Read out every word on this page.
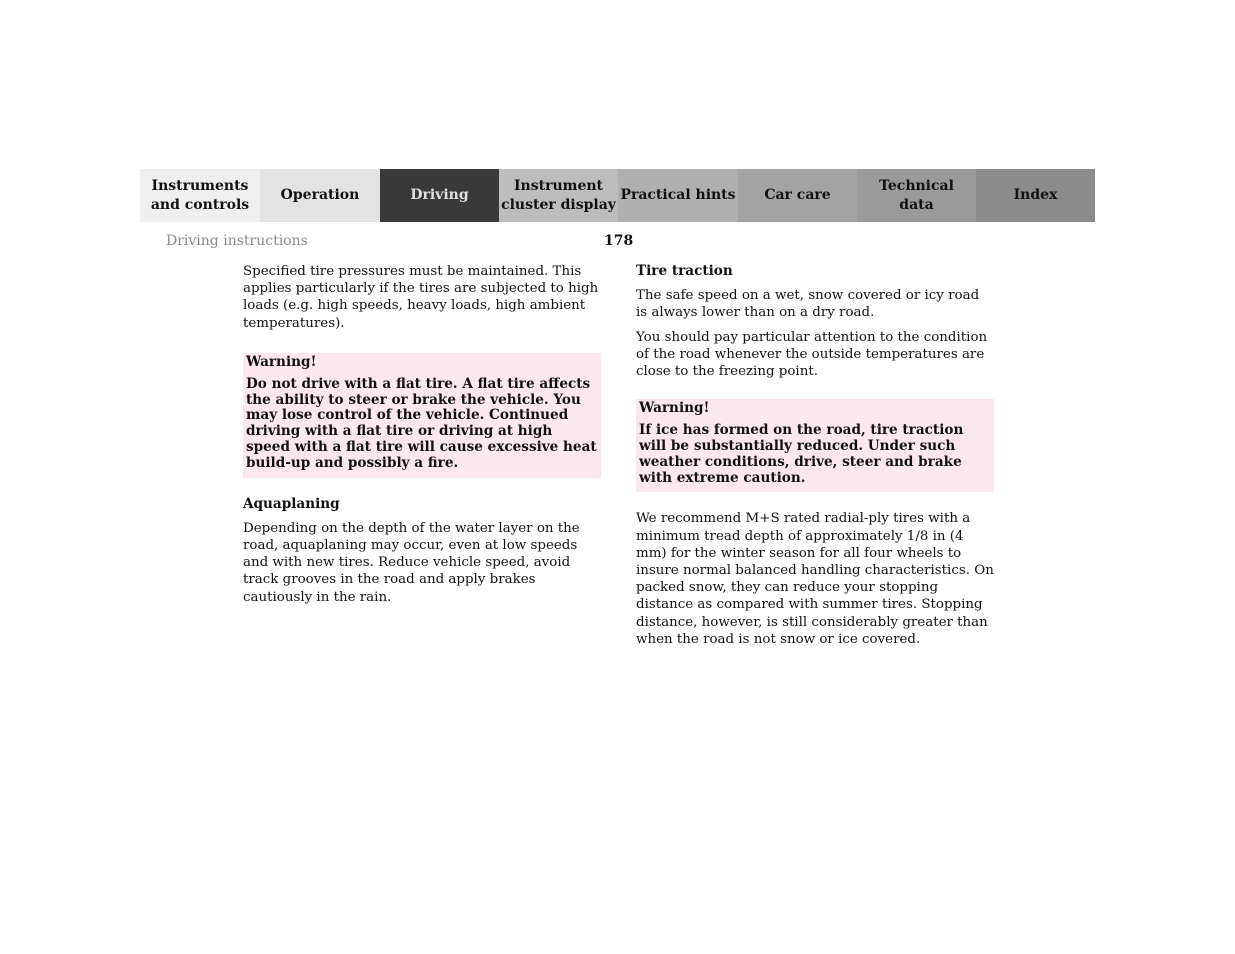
Instruments
and controls
Operation	Driving
Instrument
cluster display
Practical hints	Car care
Technical
data
Index
Driving instructions	178

Specified tire pressures must be maintained. This applies particularly if the tires are subjected to high loads (e.g. high speeds, heavy loads, high ambient temperatures).

Warning!

Do not drive with a flat tire. A flat tire affects the ability to steer or brake the vehicle. You may lose control of the vehicle. Continued driving with a flat tire or driving at high speed with a flat tire will cause excessive heat build-up and possibly a fire.

Aquaplaning

Depending on the depth of the water layer on the road, aquaplaning may occur, even at low speeds and with new tires. Reduce vehicle speed, avoid track grooves in the road and apply brakes cautiously in the rain.

Tire traction

The safe speed on a wet, snow covered or icy road is always lower than on a dry road.

You should pay particular attention to the condition of the road whenever the outside temperatures are close to the freezing point.

Warning!

If ice has formed on the road, tire traction will be substantially reduced. Under such weather conditions, drive, steer and brake with extreme caution.

We recommend M+S rated radial-ply tires with a minimum tread depth of approximately 1/8 in (4 mm) for the winter season for all four wheels to insure normal balanced handling characteristics. On packed snow, they can reduce your stopping distance as compared with summer tires. Stopping distance, however, is still considerably greater than when the road is not snow or ice covered.
